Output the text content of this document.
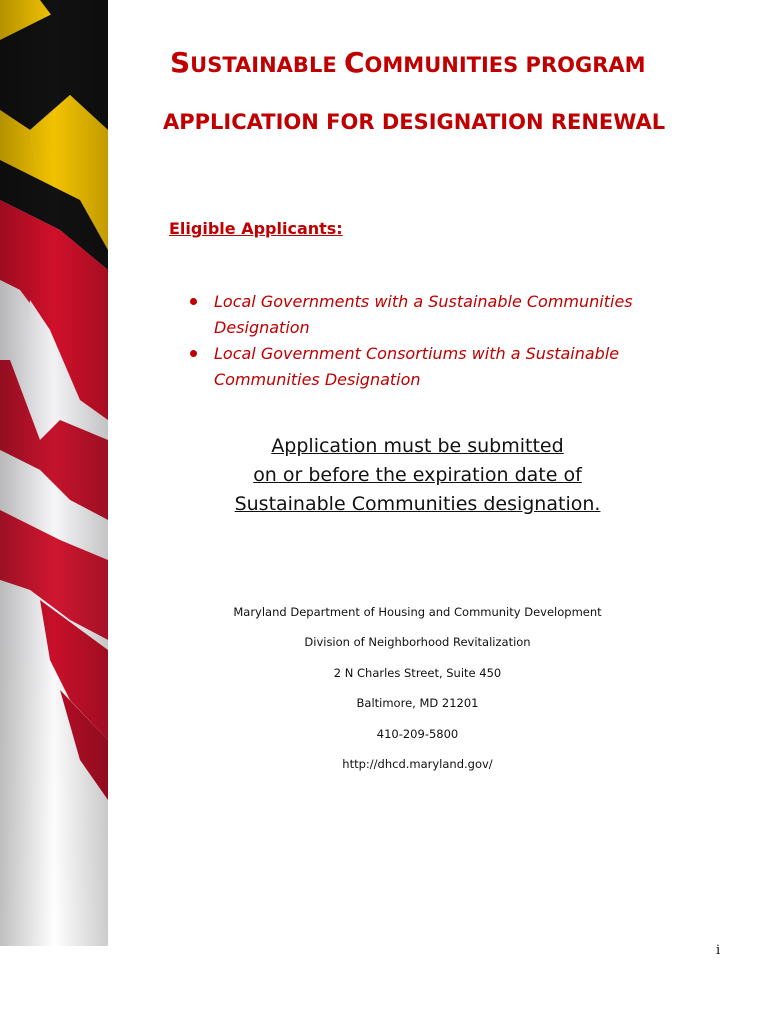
SUSTAINABLE COMMUNITIES PROGRAM
APPLICATION FOR DESIGNATION RENEWAL
Eligible Applicants:
Local Governments with a Sustainable Communities Designation
Local Government Consortiums with a Sustainable Communities Designation
Application must be submitted
on or before the expiration date of
Sustainable Communities designation.
Maryland Department of Housing and Community Development
Division of Neighborhood Revitalization
2 N Charles Street, Suite 450
Baltimore, MD 21201
410-209-5800
http://dhcd.maryland.gov/
i
